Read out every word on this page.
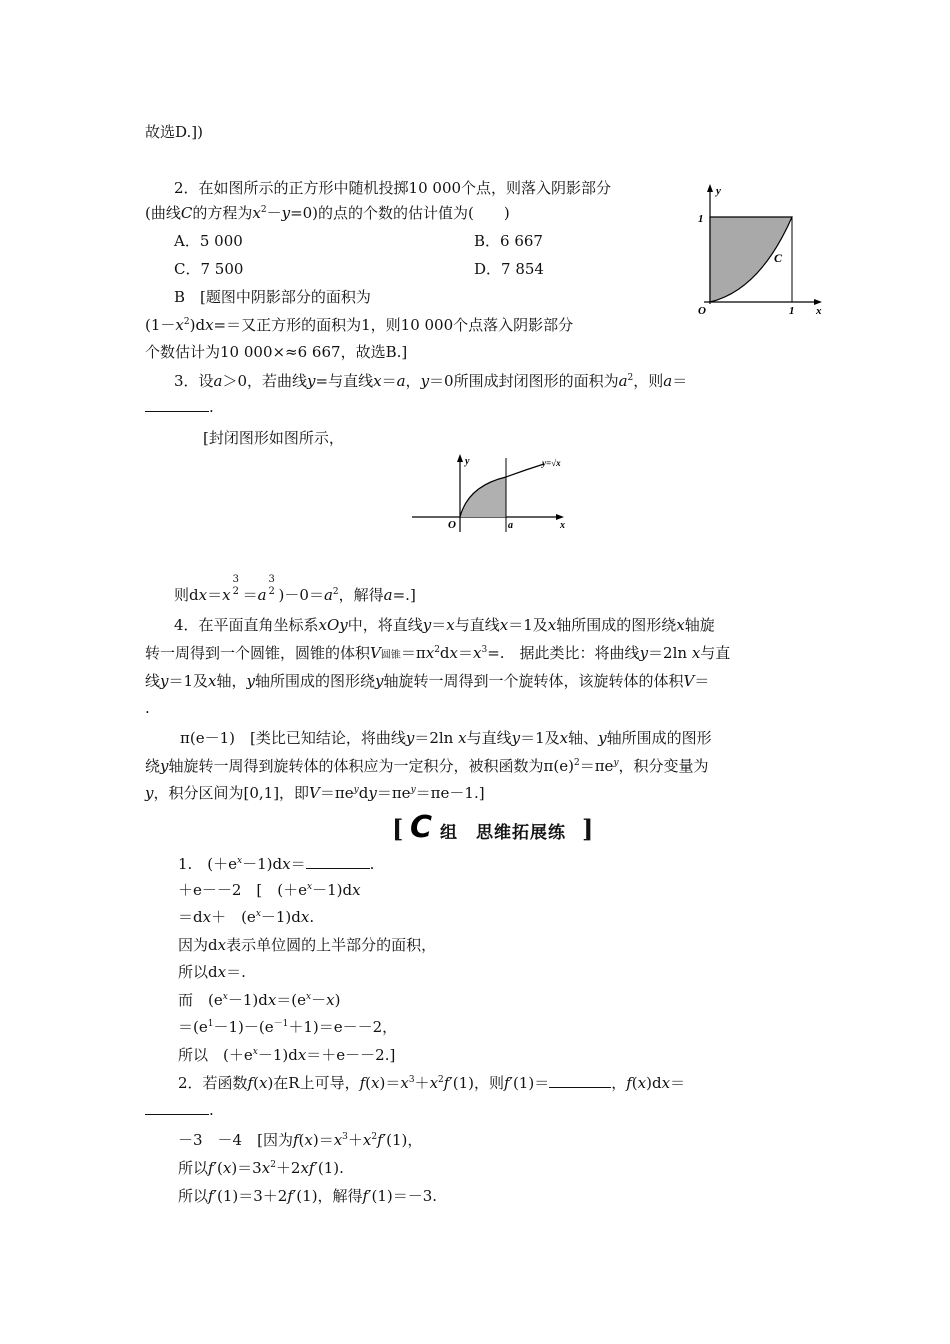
故选D.])
2．在如图所示的正方形中随机投掷10 000个点，则落入阴影部分
(曲线C的方程为$x^2-y=0$)的点的个数的估计值为(　　)
A．5 000	B．6 667
C．7 500	D．7 854
B　[题图中阴影部分的面积为
$(1-x^2)dx==$又正方形的面积为1，则10 000个点落入阴影部分
个数估计为10 000×≈6 667，故选B.]
y
1
O	1 x
C
3．设a＞0，若曲线y=与直线x＝a，y＝0所围成封闭图形的面积为$a^2$，则a＝
.
[封闭图形如图所示，
y
O	a	x
y=√x
则dx＝x
3
2 ＝a
3
2 )$-0=a^2$，解得a=.]
4．在平面直角坐标系xOy中，将直线y＝x与直线x＝1及x轴所围成的图形绕x轴旋
转一周得到一个圆锥，圆锥的体积V圆锥$=\pi x^2dx=x^3=$.　据此类比：将曲线y＝2ln x与直
线y＝1及x轴，y轴所围成的图形绕y轴旋转一周得到一个旋转体，该旋转体的体积V＝
.
π(e－1)　[类比已知结论，将曲线y＝2ln x与直线y＝1及x轴、y轴所围成的图形
绕y轴旋转一周得到旋转体的体积应为一定积分，被积函数为$\pi(e)^2=\pi e^y$，积分变量为
y，积分区间为[0,1]，即$V=\pi e^ydy=\pi e^y=\pi e-1$.]
[ C 组　思维拓展练 ]
1.　$(+e^x-1)dx=$	.
＋e－－2　[　$(+e^x-1)dx$
＝dx＋　$(e^x-1)dx$.
因为dx表示单位圆的上半部分的面积，
所以dx＝.
而　$(e^x-1)dx=(e^x-x)$
$=(e^1-1)-(e^{-1}+1)=e--2$，
所以　$(+e^x-1)dx=+e--2$.]
2．若函数f(x)在R上可导，$f(x)=x^3+x^2f'(1)$，则f′(1)＝	，f(x)dx＝
.
－3　－4　[因为$f(x)=x^3+x^2f'(1)$，
所以$f'(x)=3x^2+2xf'(1)$.
所以f′(1)＝3＋2f′(1)，解得f′(1)＝－3.
